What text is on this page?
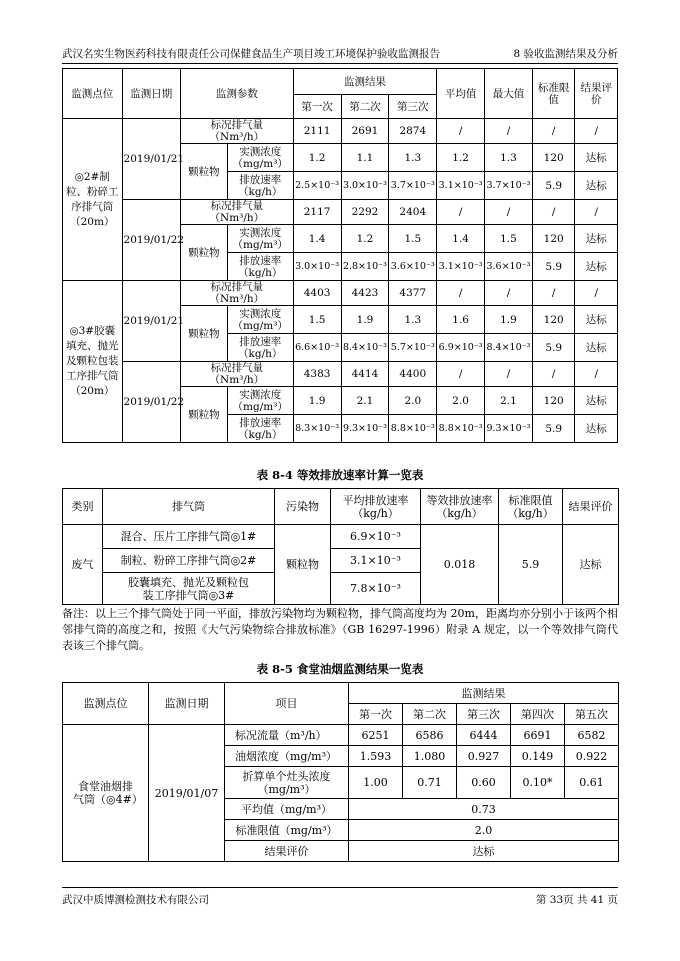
武汉名实生物医药科技有限责任公司保健食品生产项目竣工环境保护验收监测报告	8 验收监测结果及分析
监测点位	监测日期	监测参数		监测结果			平均值	最大值	标准限值	结果评价
				第一次	第二次	第三次				
◎2#制粒、粉碎工序排气筒（20m）	2019/01/21	标况排气量（Nm³/h）		2111	2691	2874	/	/	/	/
		颗粒物	实测浓度（mg/m³）	1.2	1.1	1.3	1.2	1.3	120	达标
			排放速率（kg/h）	2.5×10⁻³	3.0×10⁻³	3.7×10⁻³	3.1×10⁻³	3.7×10⁻³	5.9	达标
	2019/01/22	标况排气量（Nm³/h）		2117	2292	2404	/	/	/	/
		颗粒物	实测浓度（mg/m³）	1.4	1.2	1.5	1.4	1.5	120	达标
			排放速率（kg/h）	3.0×10⁻³	2.8×10⁻³	3.6×10⁻³	3.1×10⁻³	3.6×10⁻³	5.9	达标
◎3#胶囊填充、抛光及颗粒包装工序排气筒（20m）	2019/01/21	标况排气量（Nm³/h）		4403	4423	4377	/	/	/	/
		颗粒物	实测浓度（mg/m³）	1.5	1.9	1.3	1.6	1.9	120	达标
			排放速率（kg/h）	6.6×10⁻³	8.4×10⁻³	5.7×10⁻³	6.9×10⁻³	8.4×10⁻³	5.9	达标
	2019/01/22	标况排气量（Nm³/h）		4383	4414	4400	/	/	/	/
		颗粒物	实测浓度（mg/m³）	1.9	2.1	2.0	2.0	2.1	120	达标
			排放速率（kg/h）	8.3×10⁻³	9.3×10⁻³	8.8×10⁻³	8.8×10⁻³	9.3×10⁻³	5.9	达标
表 8-4 等效排放速率计算一览表
类别	排气筒	污染物	平均排放速率（kg/h）	等效排放速率（kg/h）	标准限值（kg/h）	结果评价
废气	混合、压片工序排气筒◎1#	颗粒物	6.9×10⁻³	0.018	5.9	达标
	制粒、粉碎工序排气筒◎2#		3.1×10⁻³			
	胶囊填充、抛光及颗粒包装工序排气筒◎3#		7.8×10⁻³			
备注：以上三个排气筒处于同一平面，排放污染物均为颗粒物，排气筒高度均为 20m，距离均亦分别小于该两个相邻排气筒的高度之和，按照《大气污染物综合排放标准》（GB 16297-1996）附录 A 规定，以一个等效排气筒代表该三个排气筒。
表 8-5 食堂油烟监测结果一览表
监测点位	监测日期	项目	监测结果				
			第一次	第二次	第三次	第四次	第五次
食堂油烟排气筒（◎4#）	2019/01/07	标况流量（m³/h）	6251	6586	6444	6691	6582
		油烟浓度（mg/m³）	1.593	1.080	0.927	0.149	0.922
		折算单个灶头浓度（mg/m³）	1.00	0.71	0.60	0.10*	0.61
		平均值（mg/m³）	0.73				
		标准限值（mg/m³）	2.0				
		结果评价	达标				
武汉中质博测检测技术有限公司	第 33页 共 41 页
